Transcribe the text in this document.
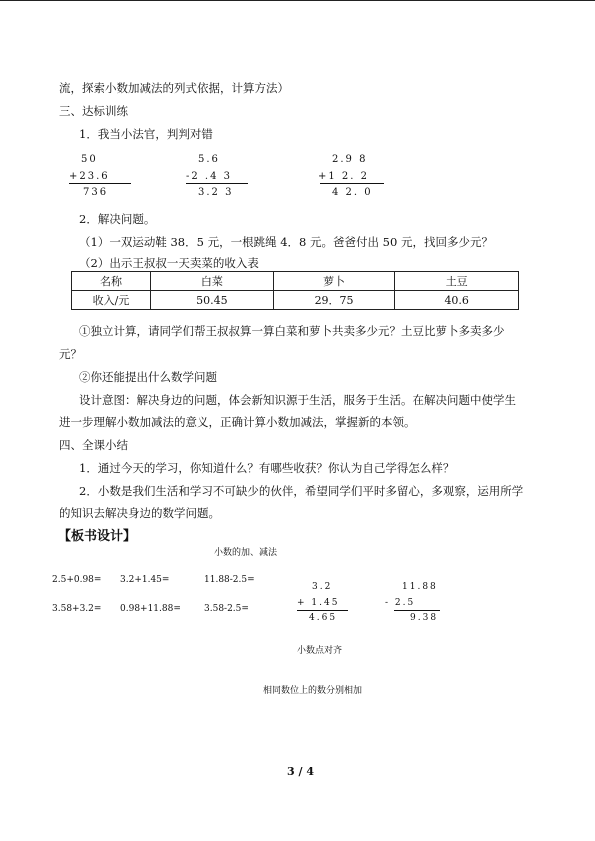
流，探索小数加减法的列式依据，计算方法）
三、达标训练
1．我当小法官，判判对错
50
+23.6
736
5.6
-2 .4 3
3.2 3
2.9 8
+1 2. 2
4 2. 0
2．解决问题。
（1）一双运动鞋 38．5 元，一根跳绳 4．8 元。爸爸付出 50 元，找回多少元？
（2）出示王叔叔一天卖菜的收入表
名称	白菜	萝卜	土豆
收入/元	50.45	29．75	40.6
①独立计算，请同学们帮王叔叔算一算白菜和萝卜共卖多少元？土豆比萝卜多卖多少
元？
②你还能提出什么数学问题
设计意图：解决身边的问题，体会新知识源于生活，服务于生活。在解决问题中使学生
进一步理解小数加减法的意义，正确计算小数加减法，掌握新的本领。
四、全课小结
1．通过今天的学习，你知道什么？有哪些收获？你认为自己学得怎么样？
2．小数是我们生活和学习不可缺少的伙伴，希望同学们平时多留心，多观察，运用所学
的知识去解决身边的数学问题。
【板书设计】
小数的加、减法
2.5+0.98= 3.2+1.45=	11.88-2.5=
3.58+3.2= 0.98+11.88=	3.58-2.5=
3.2
+ 1.45
4.65
11.88
- 2.5
9.38
小数点对齐
相同数位上的数分别相加
3 / 4
